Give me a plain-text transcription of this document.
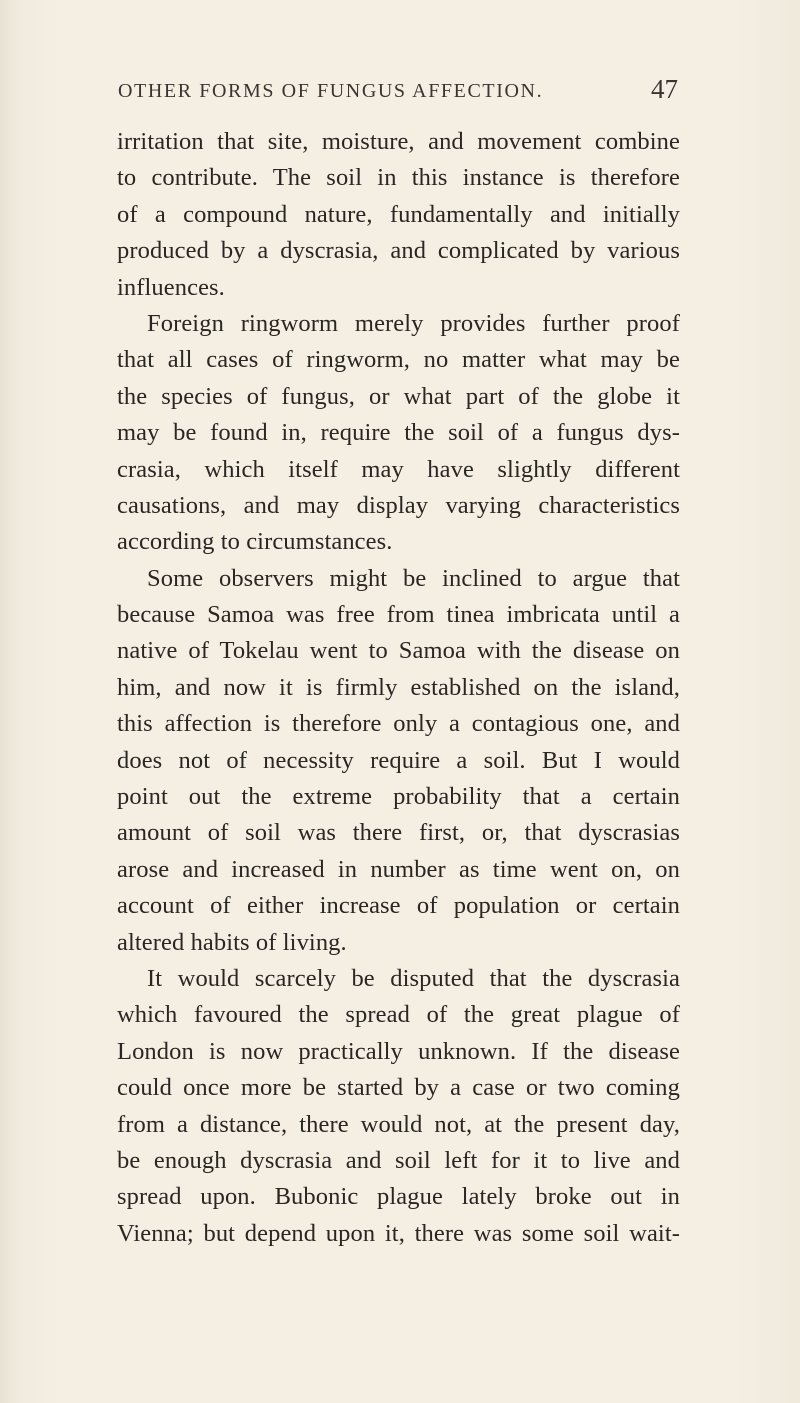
OTHER FORMS OF FUNGUS AFFECTION.	47
irritation that site, moisture, and movement combine
to contribute. The soil in this instance is therefore
of a compound nature, fundamentally and initially
produced by a dyscrasia, and complicated by various
influences.
Foreign ringworm merely provides further proof
that all cases of ringworm, no matter what may be
the species of fungus, or what part of the globe it
may be found in, require the soil of a fungus dys-
crasia, which itself may have slightly different
causations, and may display varying characteristics
according to circumstances.
Some observers might be inclined to argue that
because Samoa was free from tinea imbricata until a
native of Tokelau went to Samoa with the disease on
him, and now it is firmly established on the island,
this affection is therefore only a contagious one, and
does not of necessity require a soil. But I would
point out the extreme probability that a certain
amount of soil was there first, or, that dyscrasias
arose and increased in number as time went on, on
account of either increase of population or certain
altered habits of living.
It would scarcely be disputed that the dyscrasia
which favoured the spread of the great plague of
London is now practically unknown. If the disease
could once more be started by a case or two coming
from a distance, there would not, at the present day,
be enough dyscrasia and soil left for it to live and
spread upon. Bubonic plague lately broke out in
Vienna; but depend upon it, there was some soil wait-
